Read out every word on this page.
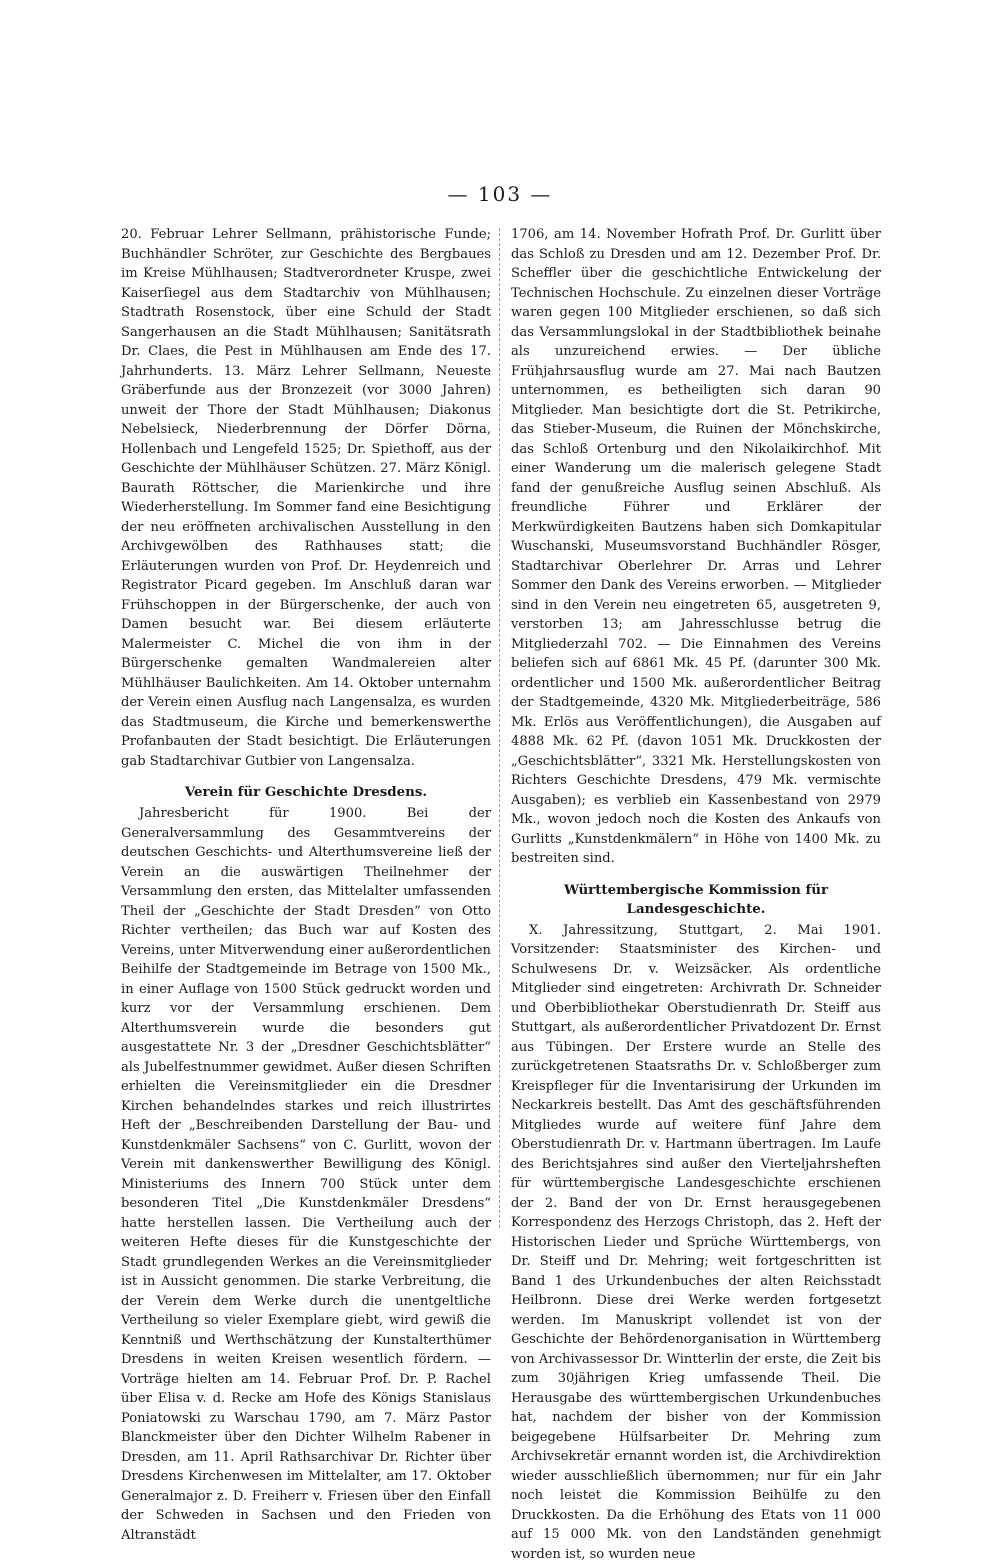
— 103 —

20. Februar Lehrer Sellmann, prähistorische Funde; Buchhändler Schröter, zur Geschichte des Bergbaues im Kreise Mühlhausen; Stadtverordneter Kruspe, zwei Kaiserſiegel aus dem Stadtarchiv von Mühlhausen; Stadtrath Rosenstock, über eine Schuld der Stadt Sangerhausen an die Stadt Mühlhausen; Sanitätsrath Dr. Claes, die Pest in Mühlhausen am Ende des 17. Jahrhunderts. 13. März Lehrer Sellmann, Neueste Gräberfunde aus der Bronzezeit (vor 3000 Jahren) unweit der Thore der Stadt Mühlhausen; Diakonus Nebelsieck, Niederbrennung der Dörfer Dörna, Hollenbach und Lengefeld 1525; Dr. Spiethoff, aus der Geschichte der Mühlhäuser Schützen. 27. März Königl. Baurath Röttscher, die Marienkirche und ihre Wiederherstellung. Im Sommer fand eine Besichtigung der neu eröffneten archivalischen Ausstellung in den Archivgewölben des Rathhauses statt; die Erläuterungen wurden von Prof. Dr. Heydenreich und Registrator Picard gegeben. Im Anschluß daran war Frühschoppen in der Bürgerschenke, der auch von Damen besucht war. Bei diesem erläuterte Malermeister C. Michel die von ihm in der Bürgerschenke gemalten Wandmalereien alter Mühlhäuser Baulichkeiten. Am 14. Oktober unternahm der Verein einen Ausflug nach Langensalza, es wurden das Stadtmuseum, die Kirche und bemerkenswerthe Profanbauten der Stadt besichtigt. Die Erläuterungen gab Stadtarchivar Gutbier von Langensalza.

Verein für Geschichte Dresdens.

Jahresbericht für 1900. Bei der Generalversammlung des Gesammtvereins der deutschen Geschichts- und Alterthumsvereine ließ der Verein an die auswärtigen Theilnehmer der Versammlung den ersten, das Mittelalter umfassenden Theil der „Geschichte der Stadt Dresden“ von Otto Richter vertheilen; das Buch war auf Kosten des Vereins, unter Mitverwendung einer außerordentlichen Beihilfe der Stadtgemeinde im Betrage von 1500 Mk., in einer Auflage von 1500 Stück gedruckt worden und kurz vor der Versammlung erschienen. Dem Alterthumsverein wurde die besonders gut ausgestattete Nr. 3 der „Dresdner Geschichtsblätter“ als Jubelfestnummer gewidmet. Außer diesen Schriften erhielten die Vereinsmitglieder ein die Dresdner Kirchen behandelndes starkes und reich illustrirtes Heft der „Beschreibenden Darstellung der Bau- und Kunstdenkmäler Sachsens“ von C. Gurlitt, wovon der Verein mit dankenswerther Bewilligung des Königl. Ministeriums des Innern 700 Stück unter dem besonderen Titel „Die Kunstdenkmäler Dresdens“ hatte herstellen lassen. Die Vertheilung auch der weiteren Hefte dieses für die Kunstgeschichte der Stadt grundlegenden Werkes an die Vereinsmitglieder ist in Aussicht genommen. Die starke Verbreitung, die der Verein dem Werke durch die unentgeltliche Vertheilung so vieler Exemplare giebt, wird gewiß die Kenntniß und Werthschätzung der Kunstalterthümer Dresdens in weiten Kreisen wesentlich fördern. — Vorträge hielten am 14. Februar Prof. Dr. P. Rachel über Elisa v. d. Recke am Hofe des Königs Stanislaus Poniatowski zu Warschau 1790, am 7. März Pastor Blanckmeister über den Dichter Wilhelm Rabener in Dresden, am 11. April Rathsarchivar Dr. Richter über Dresdens Kirchenwesen im Mittelalter, am 17. Oktober Generalmajor z. D. Freiherr v. Friesen über den Einfall der Schweden in Sachsen und den Frieden von Altranstädt

1706, am 14. November Hofrath Prof. Dr. Gurlitt über das Schloß zu Dresden und am 12. Dezember Prof. Dr. Scheffler über die geschichtliche Entwickelung der Technischen Hochschule. Zu einzelnen dieser Vorträge waren gegen 100 Mitglieder erschienen, so daß sich das Versammlungslokal in der Stadtbibliothek beinahe als unzureichend erwies. — Der übliche Frühjahrsausflug wurde am 27. Mai nach Bautzen unternommen, es betheiligten sich daran 90 Mitglieder. Man besichtigte dort die St. Petrikirche, das Stieber-Museum, die Ruinen der Mönchskirche, das Schloß Ortenburg und den Nikolaikirchhof. Mit einer Wanderung um die malerisch gelegene Stadt fand der genußreiche Ausflug seinen Abschluß. Als freundliche Führer und Erklärer der Merkwürdigkeiten Bautzens haben sich Domkapitular Wuschanski, Museumsvorstand Buchhändler Rösger, Stadtarchivar Oberlehrer Dr. Arras und Lehrer Sommer den Dank des Vereins erworben. — Mitglieder sind in den Verein neu eingetreten 65, ausgetreten 9, verstorben 13; am Jahresschlusse betrug die Mitgliederzahl 702. — Die Einnahmen des Vereins beliefen sich auf 6861 Mk. 45 Pf. (darunter 300 Mk. ordentlicher und 1500 Mk. außerordentlicher Beitrag der Stadtgemeinde, 4320 Mk. Mitgliederbeiträge, 586 Mk. Erlös aus Veröffentlichungen), die Ausgaben auf 4888 Mk. 62 Pf. (davon 1051 Mk. Druckkosten der „Geschichtsblätter“, 3321 Mk. Herstellungskosten von Richters Geschichte Dresdens, 479 Mk. vermischte Ausgaben); es verblieb ein Kassenbestand von 2979 Mk., wovon jedoch noch die Kosten des Ankaufs von Gurlitts „Kunstdenkmälern“ in Höhe von 1400 Mk. zu bestreiten sind.

Württembergische Kommission für Landesgeschichte.

X. Jahressitzung, Stuttgart, 2. Mai 1901. Vorsitzender: Staatsminister des Kirchen- und Schulwesens Dr. v. Weizsäcker. Als ordentliche Mitglieder sind eingetreten: Archivrath Dr. Schneider und Oberbibliothekar Oberstudienrath Dr. Steiff aus Stuttgart, als außerordentlicher Privatdozent Dr. Ernst aus Tübingen. Der Erstere wurde an Stelle des zurückgetretenen Staatsraths Dr. v. Schloßberger zum Kreispfleger für die Inventarisirung der Urkunden im Neckarkreis bestellt. Das Amt des geschäftsführenden Mitgliedes wurde auf weitere fünf Jahre dem Oberstudienrath Dr. v. Hartmann übertragen. Im Laufe des Berichtsjahres sind außer den Vierteljahrsheften für württembergische Landesgeschichte erschienen der 2. Band der von Dr. Ernst herausgegebenen Korrespondenz des Herzogs Christoph, das 2. Heft der Historischen Lieder und Sprüche Württembergs, von Dr. Steiff und Dr. Mehring; weit fortgeschritten ist Band 1 des Urkundenbuches der alten Reichsstadt Heilbronn. Diese drei Werke werden fortgesetzt werden. Im Manuskript vollendet ist von der Geschichte der Behördenorganisation in Württemberg von Archivassessor Dr. Wintterlin der erste, die Zeit bis zum 30jährigen Krieg umfassende Theil. Die Herausgabe des württembergischen Urkundenbuches hat, nachdem der bisher von der Kommission beigegebene Hülfsarbeiter Dr. Mehring zum Archivsekretär ernannt worden ist, die Archivdirektion wieder ausschließlich übernommen; nur für ein Jahr noch leistet die Kommission Beihülfe zu den Druckkosten. Da die Erhöhung des Etats von 11 000 auf 15 000 Mk. von den Landständen genehmigt worden ist, so wurden neue
